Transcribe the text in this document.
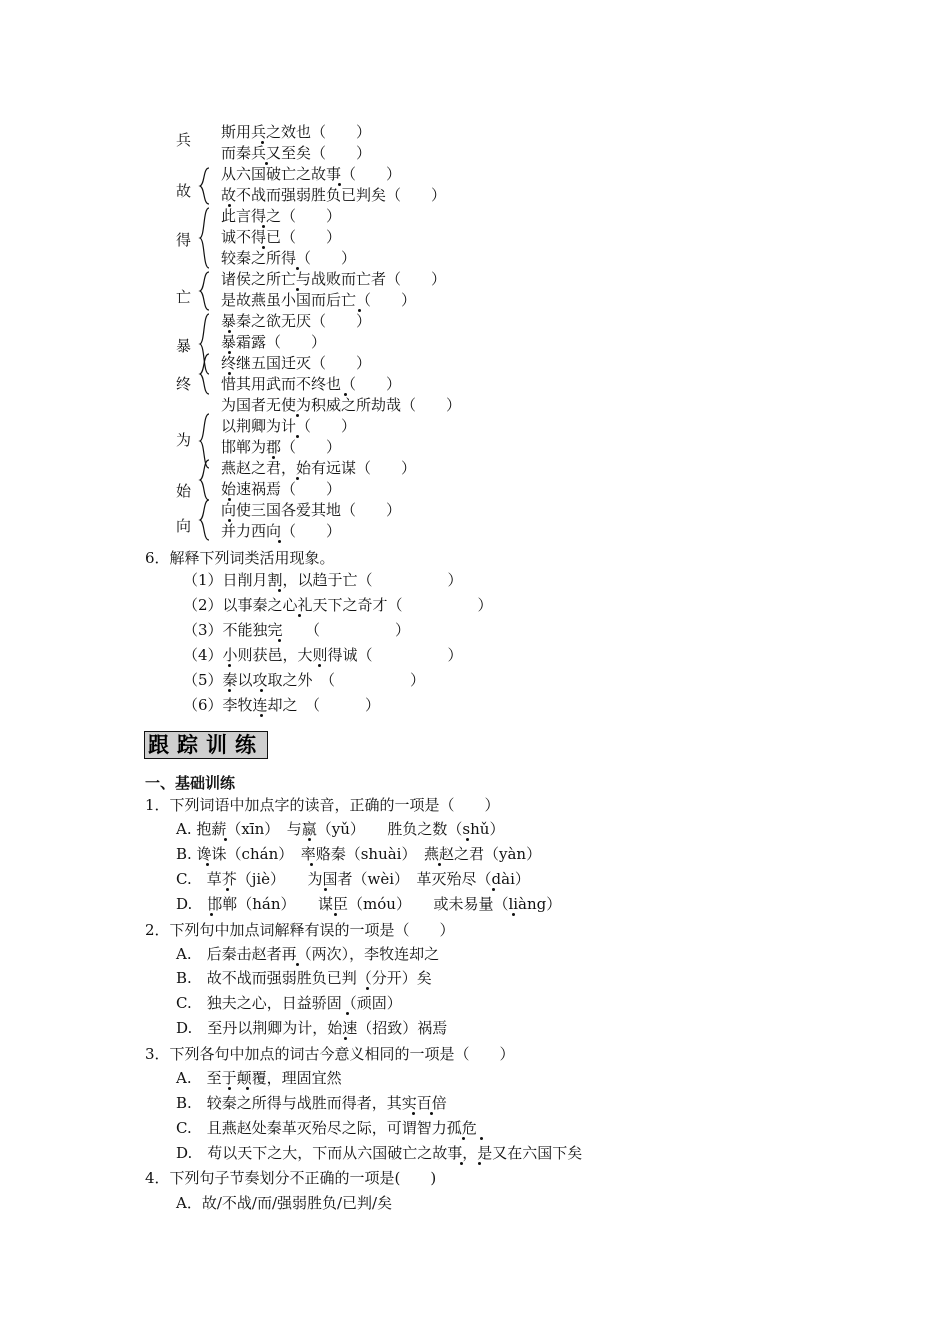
兵
故
得
亡
暴
终
为
始
向
斯用兵之效也（　　）
而秦兵又至矣（　　）
从六国破亡之故事（　　）
故不战而强弱胜负已判矣（　　）
此言得之（　　）
诚不得已（　　）
较秦之所得（　　）
诸侯之所亡与战败而亡者（　　）
是故燕虽小国而后亡（　　）
暴秦之欲无厌（　　）
暴霜露（　　）
终继五国迁灭（　　）
惜其用武而不终也（　　）
为国者无使为积威之所劫哉（　　）
以荆卿为计（　　）
邯郸为郡（　　）
燕赵之君，始有远谋（　　）
始速祸焉（　　）
向使三国各爱其地（　　）
并力西向（　　）
6．解释下列词类活用现象。
（1）日削月割，以趋于亡（　　　　　）
（2）以事秦之心礼天下之奇才（　　　　　）
（3）不能独完　　（　　　　　）
（4）小则获邑，大则得诚（　　　　　）
（5）秦以攻取之外　（　　　　　）
（6）李牧连却之　（　　　）
跟踪训练
一、基础训练
1．下列词语中加点字的读音，正确的一项是（　　）
A. 抱薪（xīn）　与嬴（yǔ）　　胜负之数（shǔ）
B. 谗诛（chán）　率赂秦（shuài）　燕赵之君（yàn）
C.　草芥（jiè）　　为国者（wèi）　革灭殆尽（dài）
D.　邯郸（hán）　　谋臣（móu）　　或未易量（liàng）
2．下列句中加点词解释有误的一项是（　　）
A.　后秦击赵者再（两次），李牧连却之
B.　故不战而强弱胜负已判（分开）矣
C.　独夫之心，日益骄固（顽固）
D.　至丹以荆卿为计，始速（招致）祸焉
3．下列各句中加点的词古今意义相同的一项是（　　）
A.　至于颠覆，理固宜然
B.　较秦之所得与战胜而得者，其实百倍
C.　且燕赵处秦革灭殆尽之际，可谓智力孤危
D.　苟以天下之大，下而从六国破亡之故事，是又在六国下矣
4．下列句子节奏划分不正确的一项是(　　)
A．故/不战/而/强弱胜负/已判/矣
